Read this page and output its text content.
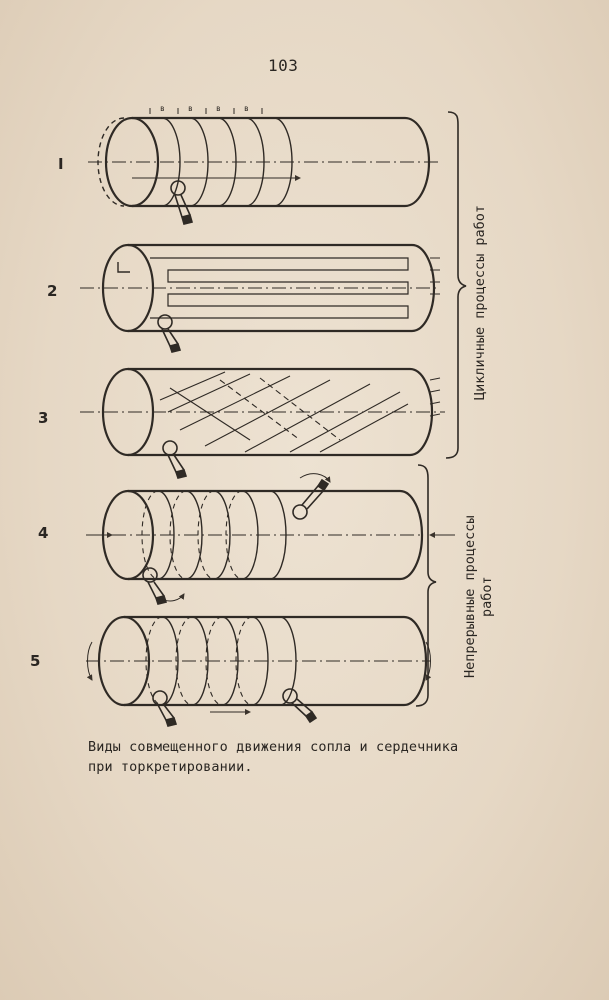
103
I
2
3
4
5
в	в	в	в
Цикличные процессы работ
Непрерывные процессы работ
Виды совмещенного движения сопла и сердечника
при торкретировании.
